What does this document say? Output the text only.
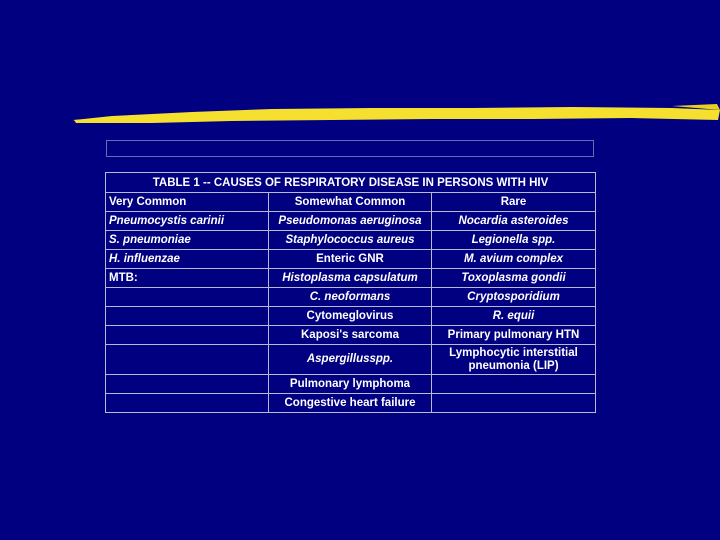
TABLE 1 -- CAUSES OF RESPIRATORY DISEASE IN PERSONS WITH HIV		
Very Common	Somewhat Common	Rare
Pneumocystis carinii	Pseudomonas aeruginosa	Nocardia asteroides
S. pneumoniae	Staphylococcus aureus	Legionella spp.
H. influenzae	Enteric GNR	M. avium complex
MTB:	Histoplasma capsulatum	Toxoplasma gondii
	C. neoformans	Cryptosporidium
	Cytomeglovirus	R. equii
	Kaposi's sarcoma	Primary pulmonary HTN
	Aspergillusspp.	Lymphocytic interstitial pneumonia (LIP)
	Pulmonary lymphoma	
	Congestive heart failure	
